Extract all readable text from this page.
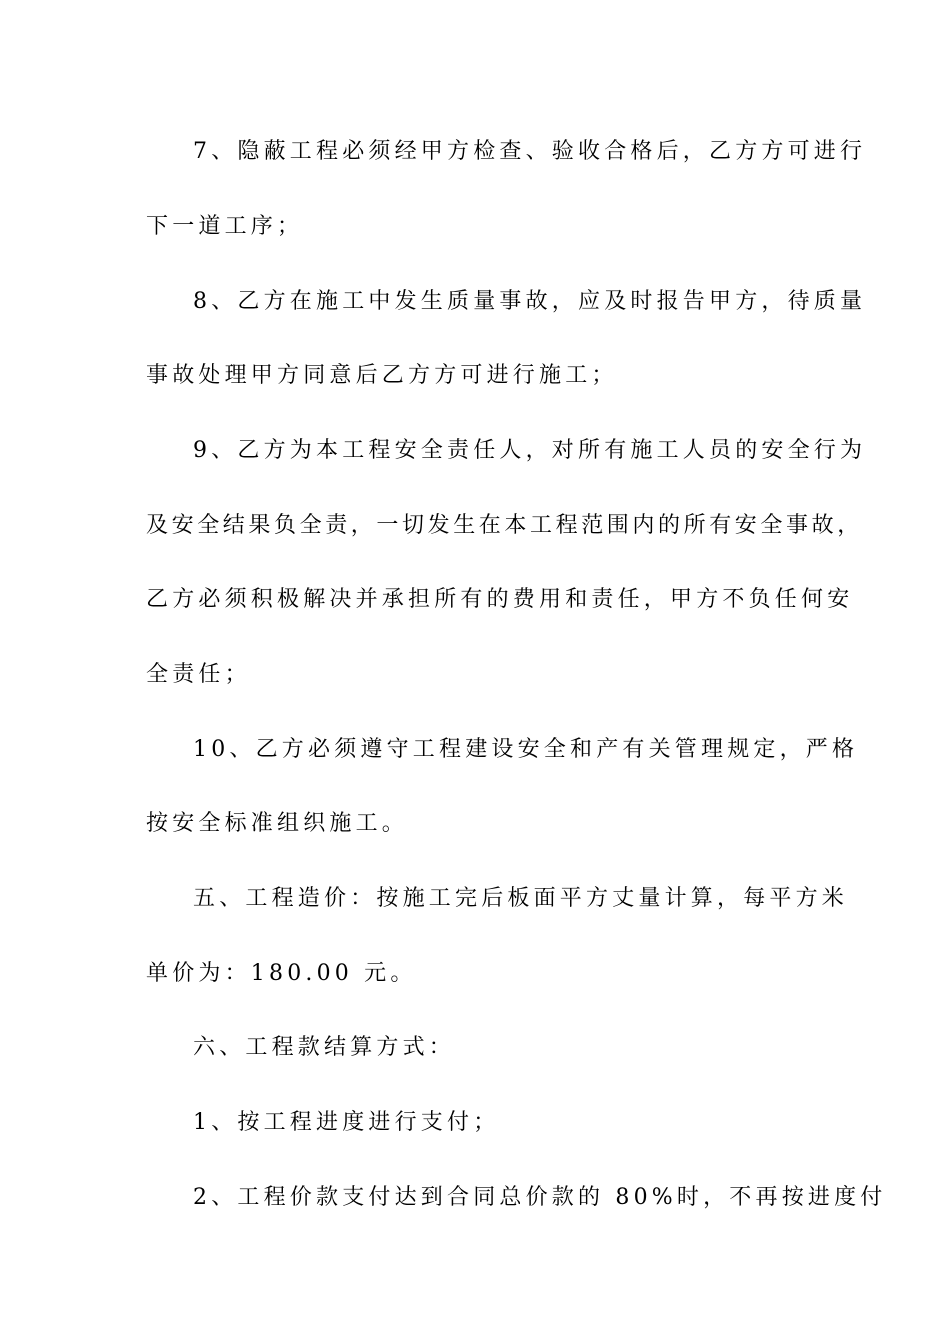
7、隐蔽工程必须经甲方检查、验收合格后，乙方方可进行
下一道工序；
8、乙方在施工中发生质量事故，应及时报告甲方，待质量
事故处理甲方同意后乙方方可进行施工；
9、乙方为本工程安全责任人，对所有施工人员的安全行为
及安全结果负全责，一切发生在本工程范围内的所有安全事故，
乙方必须积极解决并承担所有的费用和责任，甲方不负任何安
全责任；
10、乙方必须遵守工程建设安全和产有关管理规定，严格
按安全标准组织施工。
五、工程造价：按施工完后板面平方丈量计算，每平方米
单价为：180.00 元。
六、工程款结算方式：
1、按工程进度进行支付；
2、工程价款支付达到合同总价款的 80%时，不再按进度付
